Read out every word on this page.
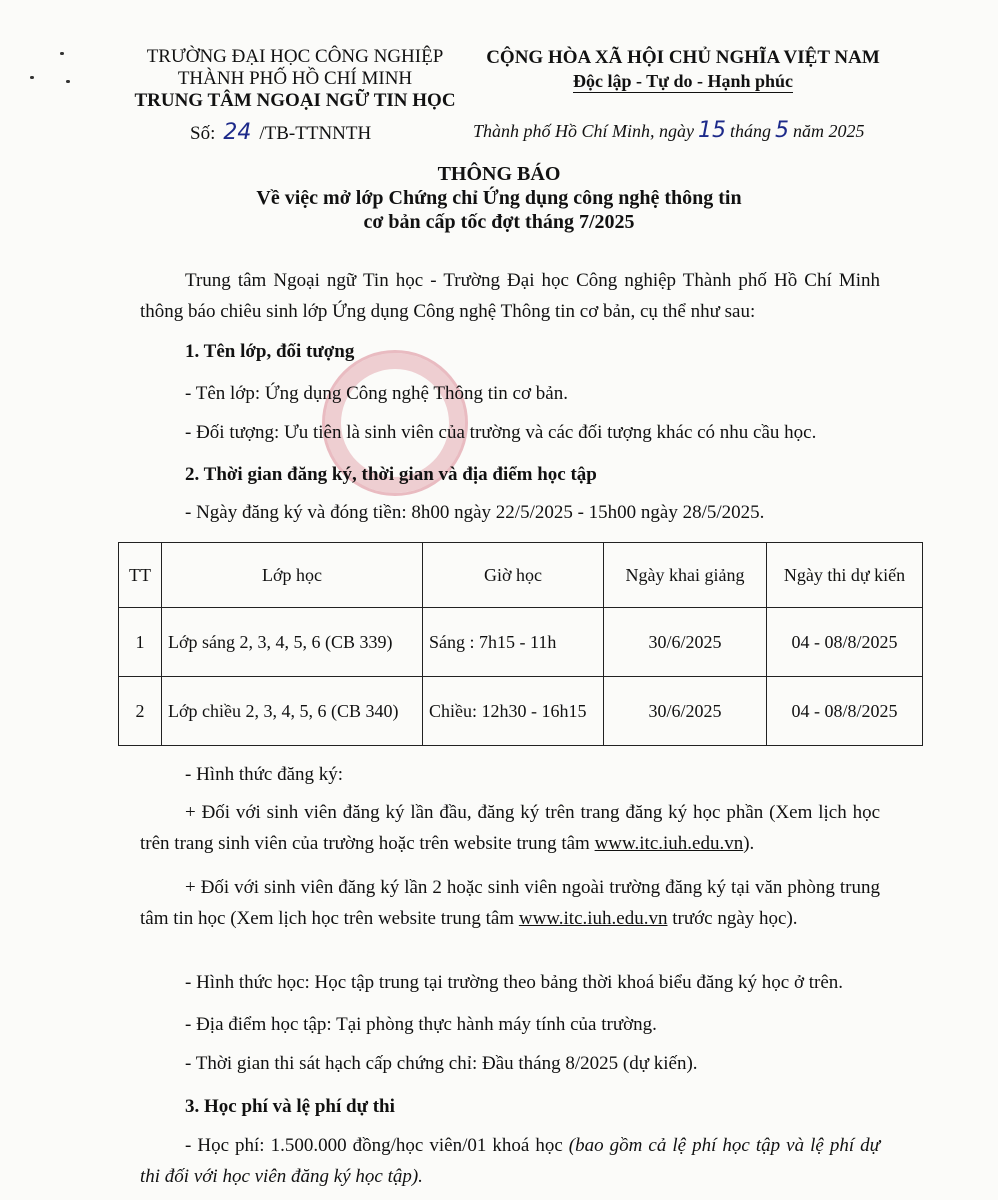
TRƯỜNG ĐẠI HỌC CÔNG NGHIỆP
THÀNH PHỐ HỒ CHÍ MINH
TRUNG TÂM NGOẠI NGỮ TIN HỌC
CỘNG HÒA XÃ HỘI CHỦ NGHĨA VIỆT NAM
Độc lập - Tự do - Hạnh phúc
Số: 24 /TB-TTNNTH	Thành phố Hồ Chí Minh, ngày 15 tháng 5 năm 2025
THÔNG BÁO
Về việc mở lớp Chứng chỉ Ứng dụng công nghệ thông tin
cơ bản cấp tốc đợt tháng 7/2025
Trung tâm Ngoại ngữ Tin học - Trường Đại học Công nghiệp Thành phố Hồ Chí Minh thông báo chiêu sinh lớp Ứng dụng Công nghệ Thông tin cơ bản, cụ thể như sau:
1. Tên lớp, đối tượng
- Tên lớp: Ứng dụng Công nghệ Thông tin cơ bản.
- Đối tượng: Ưu tiên là sinh viên của trường và các đối tượng khác có nhu cầu học.
2. Thời gian đăng ký, thời gian và địa điểm học tập
- Ngày đăng ký và đóng tiền: 8h00 ngày 22/5/2025 - 15h00 ngày 28/5/2025.
TT	Lớp học	Giờ học	Ngày khai giảng	Ngày thi dự kiến
1	Lớp sáng 2, 3, 4, 5, 6 (CB 339)	Sáng : 7h15 - 11h	30/6/2025	04 - 08/8/2025
2	Lớp chiều 2, 3, 4, 5, 6 (CB 340)	Chiều: 12h30 - 16h15	30/6/2025	04 - 08/8/2025
- Hình thức đăng ký:
+ Đối với sinh viên đăng ký lần đầu, đăng ký trên trang đăng ký học phần (Xem lịch học trên trang sinh viên của trường hoặc trên website trung tâm www.itc.iuh.edu.vn).
+ Đối với sinh viên đăng ký lần 2 hoặc sinh viên ngoài trường đăng ký tại văn phòng trung tâm tin học (Xem lịch học trên website trung tâm www.itc.iuh.edu.vn trước ngày học).
- Hình thức học: Học tập trung tại trường theo bảng thời khoá biểu đăng ký học ở trên.
- Địa điểm học tập: Tại phòng thực hành máy tính của trường.
- Thời gian thi sát hạch cấp chứng chỉ: Đầu tháng 8/2025 (dự kiến).
3. Học phí và lệ phí dự thi
- Học phí: 1.500.000 đồng/học viên/01 khoá học (bao gồm cả lệ phí học tập và lệ phí dự thi đối với học viên đăng ký học tập).
